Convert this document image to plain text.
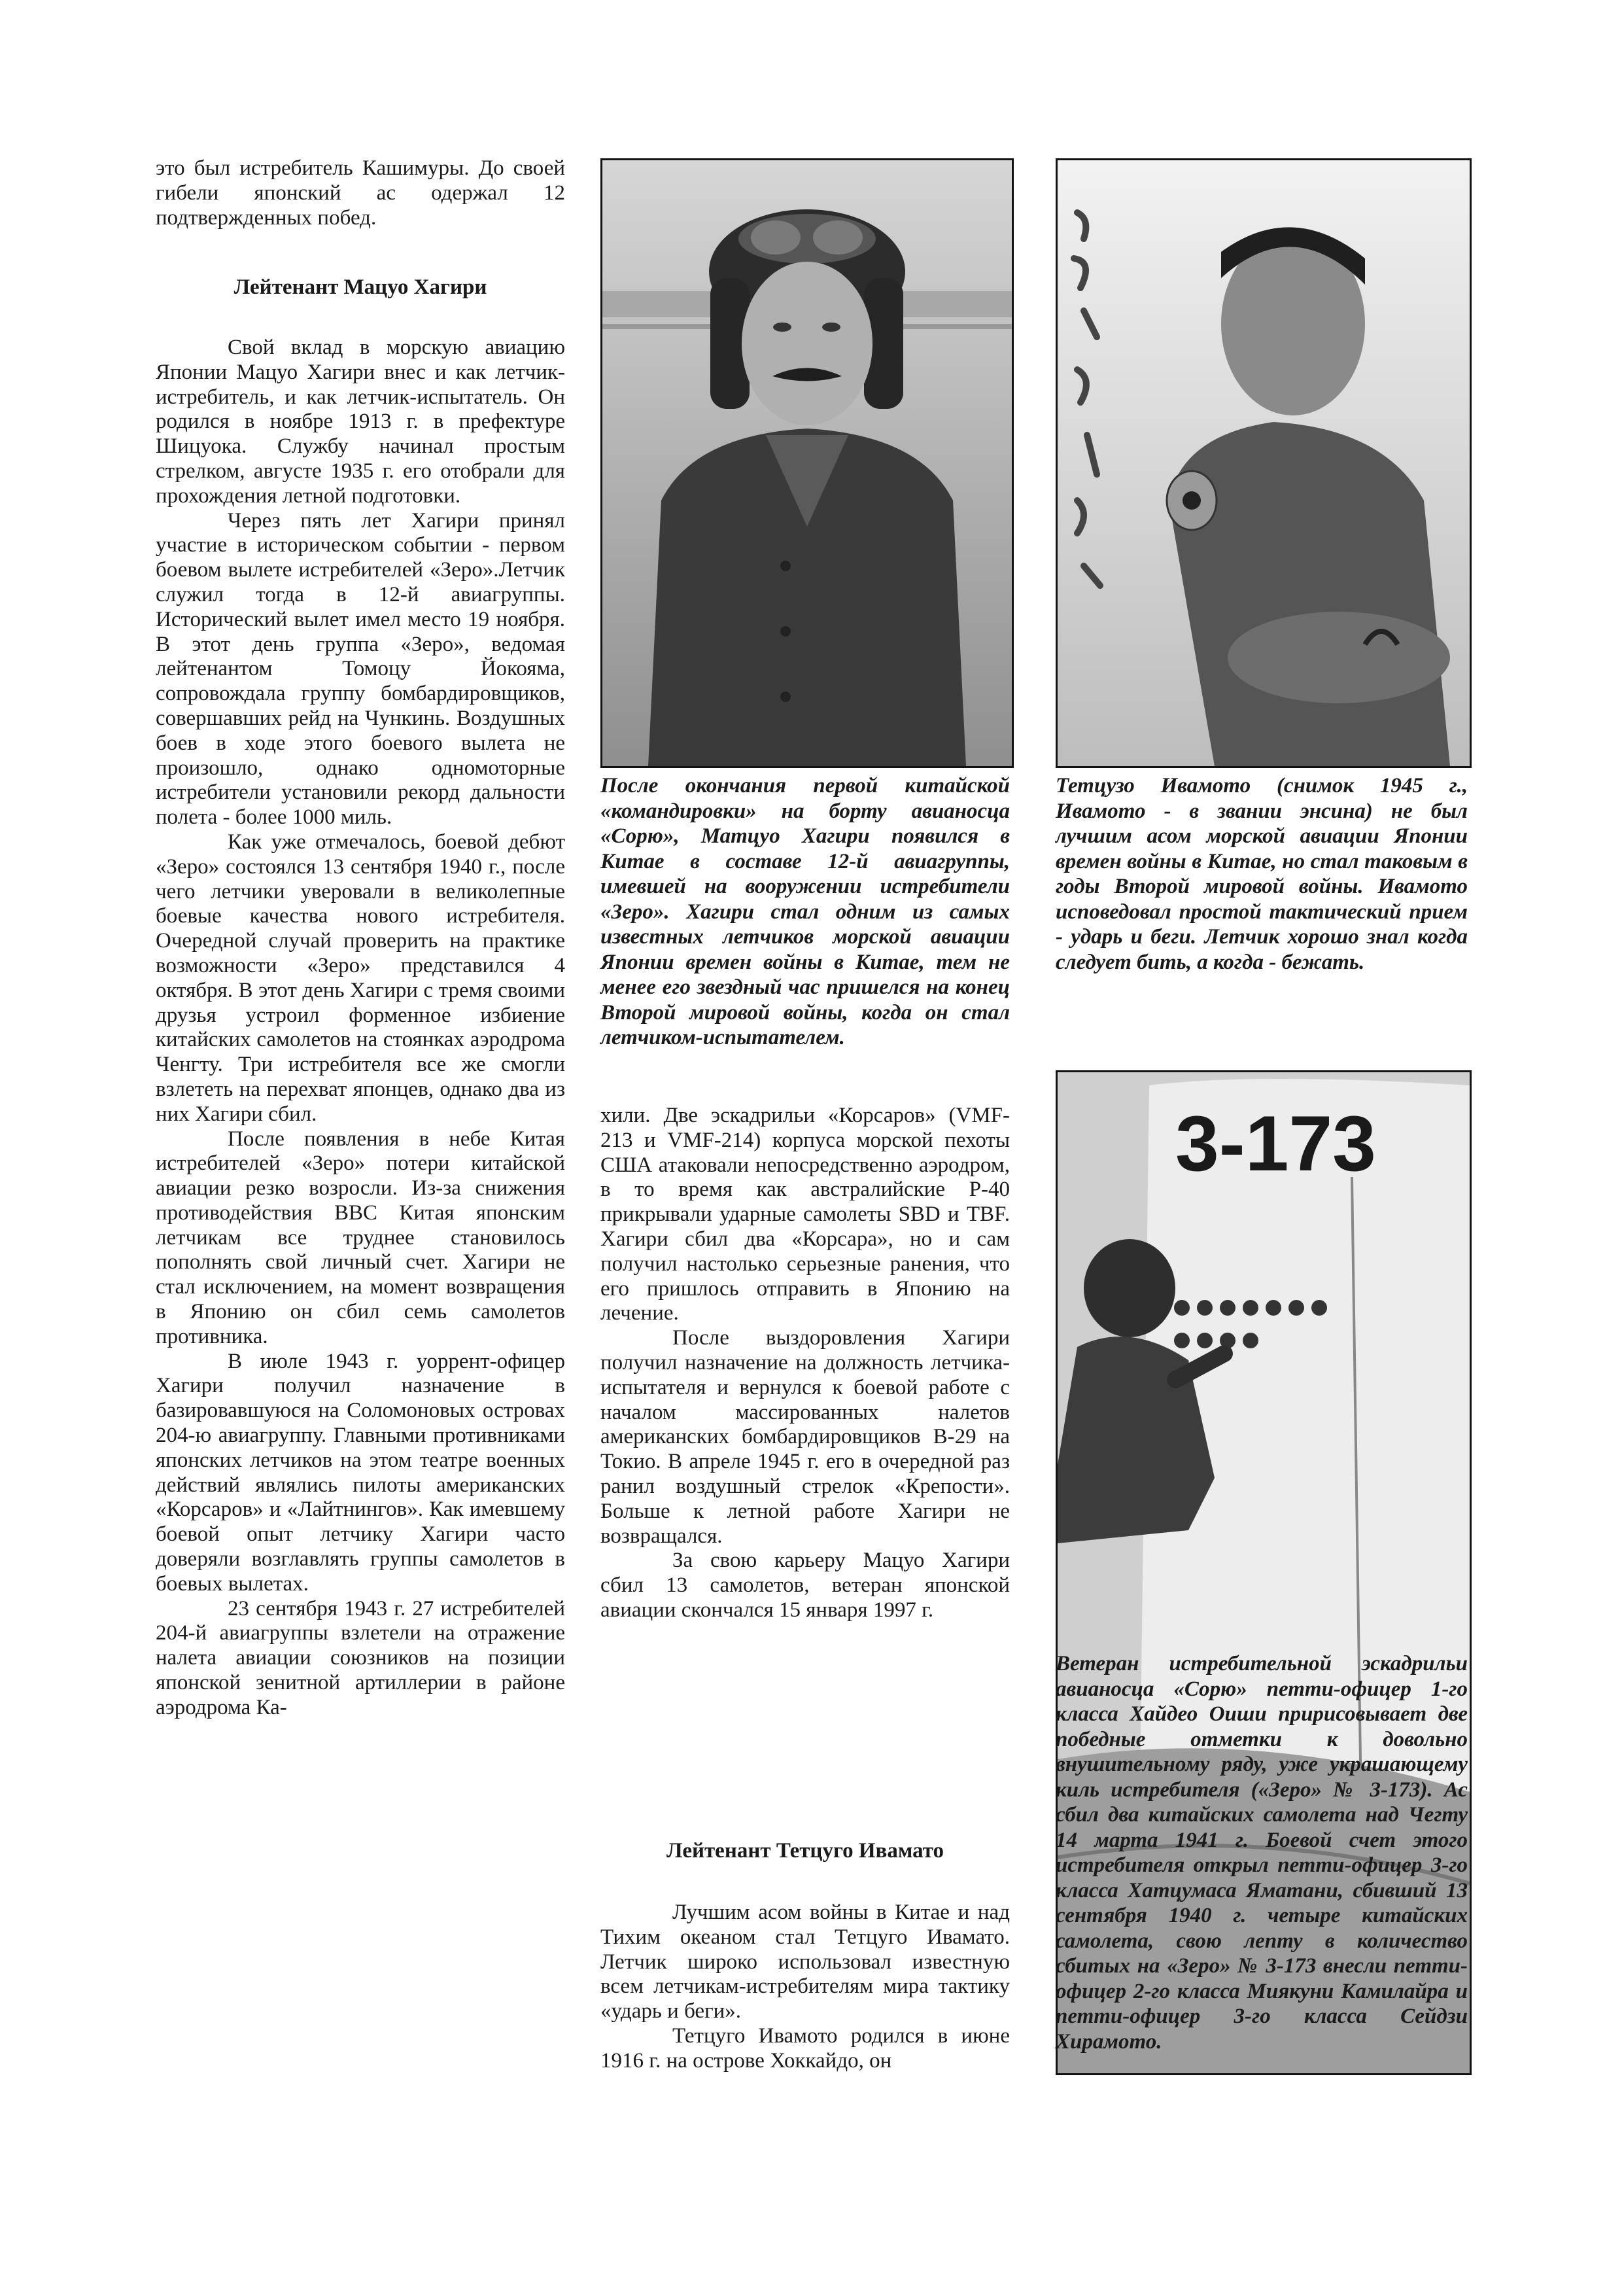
это был истребитель Кашимуры. До своей гибели японский ас одержал 12 подтвержденных побед.

Лейтенант Мацуо Хагири

Свой вклад в морскую авиацию Японии Мацуо Хагири внес и как летчик-истребитель, и как летчик-испытатель. Он родился в ноябре 1913 г. в префектуре Шицуока. Службу начинал простым стрелком, августе 1935 г. его отобрали для прохождения летной подготовки.

Через пять лет Хагири принял участие в историческом событии - первом боевом вылете истребителей «Зеро».Летчик служил тогда в 12-й авиагруппы. Исторический вылет имел место 19 ноября. В этот день группа «Зеро», ведомая лейтенантом Томоцу Йокояма, сопровождала группу бомбардировщиков, совершавших рейд на Чункинь. Воздушных боев в ходе этого боевого вылета не произошло, однако одномоторные истребители установили рекорд дальности полета - более 1000 миль.

Как уже отмечалось, боевой дебют «Зеро» состоялся 13 сентября 1940 г., после чего летчики уверовали в великолепные боевые качества нового истребителя. Очередной случай проверить на практике возможности «Зеро» представился 4 октября. В этот день Хагири с тремя своими друзья устроил форменное избиение китайских самолетов на стоянках аэродрома Ченгту. Три истребителя все же смогли взлететь на перехват японцев, однако два из них Хагири сбил.

После появления в небе Китая истребителей «Зеро» потери китайской авиации резко возросли. Из-за снижения противодействия ВВС Китая японским летчикам все труднее становилось пополнять свой личный счет. Хагири не стал исключением, на момент возвращения в Японию он сбил семь самолетов противника.

В июле 1943 г. уоррент-офицер Хагири получил назначение в базировавшуюся на Соломоновых островах 204-ю авиагруппу. Главными противниками японских летчиков на этом театре военных действий являлись пилоты американских «Корсаров» и «Лайтнингов». Как имевшему боевой опыт летчику Хагири часто доверяли возглавлять группы самолетов в боевых вылетах.

23 сентября 1943 г. 27 истребителей 204-й авиагруппы взлетели на отражение налета авиации союзников на позиции японской зенитной артиллерии в районе аэродрома Ка-

После окончания первой китайской «командировки» на борту авианосца «Сорю», Матцуо Хагири появился в Китае в составе 12-й авиагруппы, имевшей на вооружении истребители «Зеро». Хагири стал одним из самых известных летчиков морской авиации Японии времен войны в Китае, тем не менее его звездный час пришелся на конец Второй мировой войны, когда он стал летчиком-испытателем.

хили. Две эскадрильи «Корсаров» (VMF-213 и VMF-214) корпуса морской пехоты США атаковали непосредственно аэродром, в то время как австралийские Р-40 прикрывали ударные самолеты SBD и TBF. Хагири сбил два «Корсара», но и сам получил настолько серьезные ранения, что его пришлось отправить в Японию на лечение.

После выздоровления Хагири получил назначение на должность летчика-испытателя и вернулся к боевой работе с началом массированных налетов американских бомбардировщиков В-29 на Токио. В апреле 1945 г. его в очередной раз ранил воздушный стрелок «Крепости». Больше к летной работе Хагири не возвращался.

За свою карьеру Мацуо Хагири сбил 13 самолетов, ветеран японской авиации скончался 15 января 1997 г.

Лейтенант Тетцуго Ивамато

Лучшим асом войны в Китае и над Тихим океаном стал Тетцуго Ивамато. Летчик широко использовал известную всем летчикам-истребителям мира тактику «ударь и беги».

Тетцуго Ивамото родился в июне 1916 г. на острове Хоккайдо, он

Тетцузо Ивамото (снимок 1945 г., Ивамото - в звании энсина) не был лучшим асом морской авиации Японии времен войны в Китае, но стал таковым в годы Второй мировой войны. Ивамото исповедовал простой тактический прием - ударь и беги. Летчик хорошо знал когда следует бить, а когда - бежать.

3-173

Ветеран истребительной эскадрильи авианосца «Сорю» петти-офицер 1-го класса Хайдео Оиши пририсовывает две победные отметки к довольно внушительному ряду, уже украшающему киль истребителя («Зеро» № 3-173). Ас сбил два китайских самолета над Чегту 14 марта 1941 г. Боевой счет этого истребителя открыл петти-офицер 3-го класса Хатцумаса Яматани, сбивший 13 сентября 1940 г. четыре китайских самолета, свою лепту в количество сбитых на «Зеро» № 3-173 внесли петти-офицер 2-го класса Миякуни Камилайра и петти-офицер 3-го класса Сейдзи Хирамото.
